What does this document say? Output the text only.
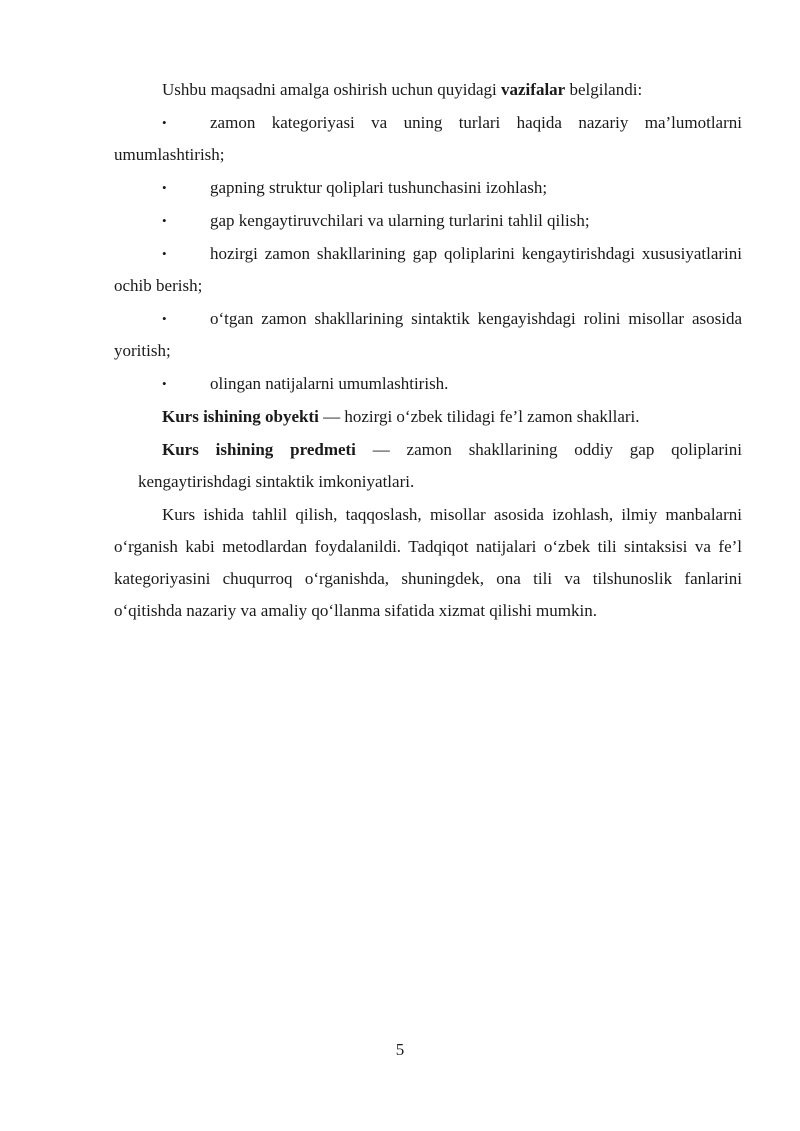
Ushbu maqsadni amalga oshirish uchun quyidagi vazifalar belgilandi:

•	zamon kategoriyasi va uning turlari haqida nazariy ma’lumotlarni umumlashtirish;

•	gapning struktur qoliplari tushunchasini izohlash;

•	gap kengaytiruvchilari va ularning turlarini tahlil qilish;

•	hozirgi zamon shakllarining gap qoliplarini kengaytirishdagi xususiyatlarini ochib berish;

•	o‘tgan zamon shakllarining sintaktik kengayishdagi rolini misollar asosida yoritish;

•	olingan natijalarni umumlashtirish.

Kurs ishining obyekti — hozirgi o‘zbek tilidagi fe’l zamon shakllari.

Kurs ishining predmeti — zamon shakllarining oddiy gap qoliplarini kengaytirishdagi sintaktik imkoniyatlari.

Kurs ishida tahlil qilish, taqqoslash, misollar asosida izohlash, ilmiy manbalarni o‘rganish kabi metodlardan foydalanildi. Tadqiqot natijalari o‘zbek tili sintaksisi va fe’l kategoriyasini chuqurroq o‘rganishda, shuningdek, ona tili va tilshunoslik fanlarini o‘qitishda nazariy va amaliy qo‘llanma sifatida xizmat qilishi mumkin.

5
